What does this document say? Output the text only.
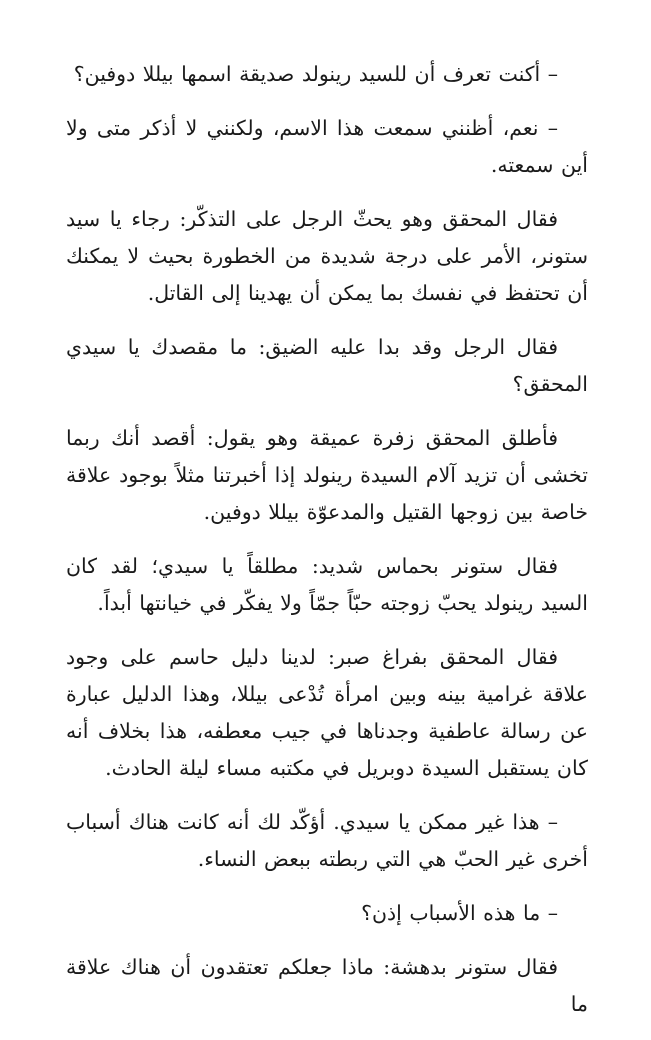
– أكنت تعرف أن للسيد رينولد صديقة اسمها بيللا دوفين؟

– نعم، أظنني سمعت هذا الاسم، ولكنني لا أذكر متى ولا أين سمعته.

فقال المحقق وهو يحثّ الرجل على التذكّر: رجاء يا سيد ستونر، الأمر على درجة شديدة من الخطورة بحيث لا يمكنك أن تحتفظ في نفسك بما يمكن أن يهدينا إلى القاتل.

فقال الرجل وقد بدا عليه الضيق: ما مقصدك يا سيدي المحقق؟

فأطلق المحقق زفرة عميقة وهو يقول: أقصد أنك ربما تخشى أن تزيد آلام السيدة رينولد إذا أخبرتنا مثلاً بوجود علاقة خاصة بين زوجها القتيل والمدعوّة بيللا دوفين.

فقال ستونر بحماس شديد: مطلقاً يا سيدي؛ لقد كان السيد رينولد يحبّ زوجته حبّاً جمّاً ولا يفكّر في خيانتها أبداً.

فقال المحقق بفراغ صبر: لدينا دليل حاسم على وجود علاقة غرامية بينه وبين امرأة تُدْعى بيللا، وهذا الدليل عبارة عن رسالة عاطفية وجدناها في جيب معطفه، هذا بخلاف أنه كان يستقبل السيدة دوبريل في مكتبه مساء ليلة الحادث.

– هذا غير ممكن يا سيدي. أؤكّد لك أنه كانت هناك أسباب أخرى غير الحبّ هي التي ربطته ببعض النساء.

– ما هذه الأسباب إذن؟

فقال ستونر بدهشة: ماذا جعلكم تعتقدون أن هناك علاقة ما
